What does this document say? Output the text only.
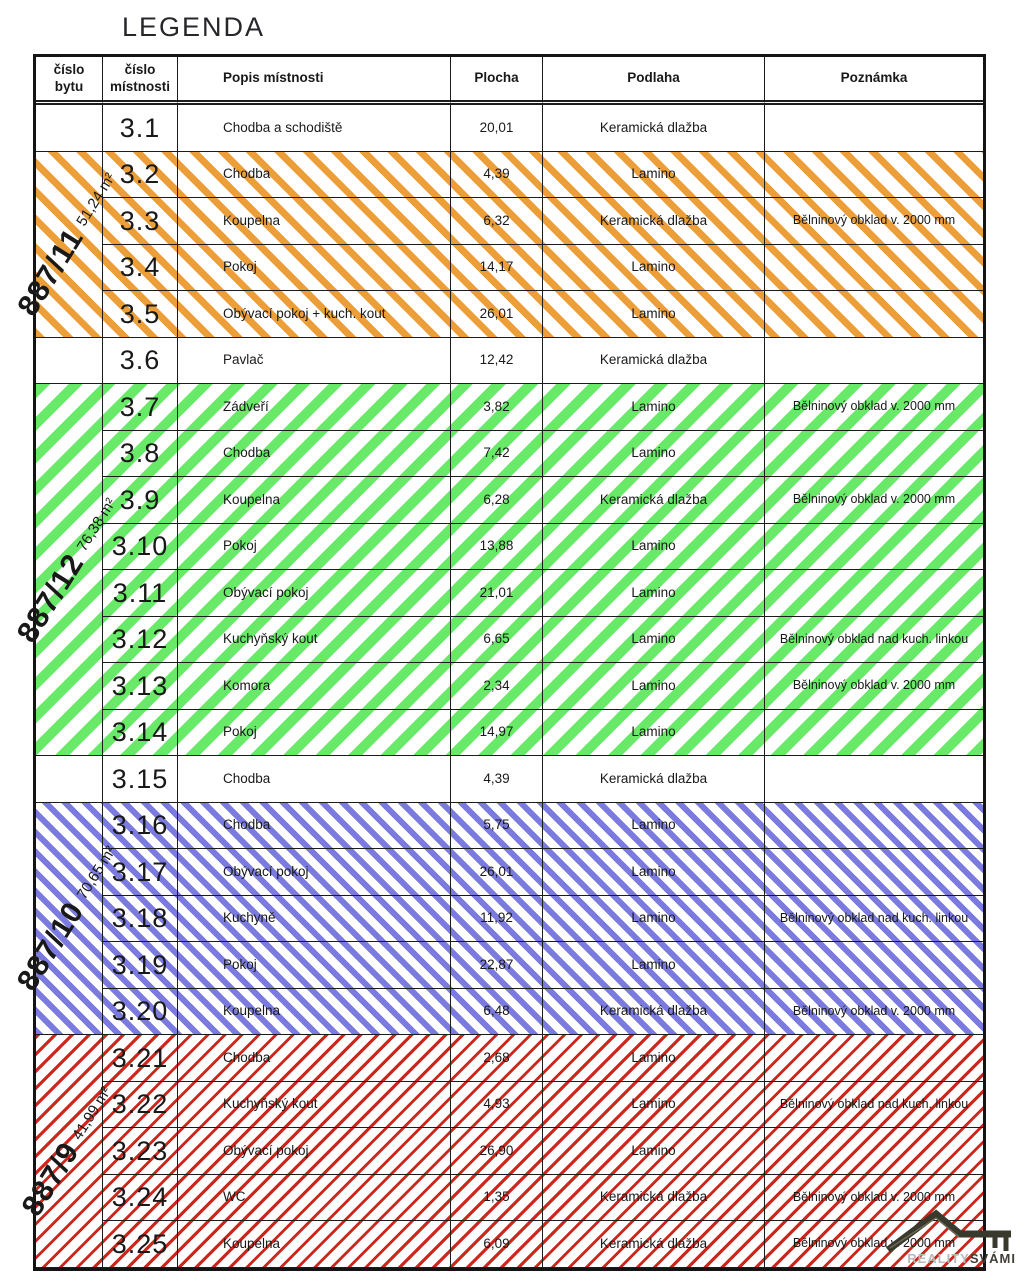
LEGENDA
REALITYSVÁMI
číslo
bytu
číslo
místnosti
Popis místnosti	Plocha	Podlaha	Poznámka
3.1	Chodba a schodiště	20,01	Keramická dlažba
887/11
51,24 m² 3.2	Chodba	4,39	Lamino
3.3	Koupelna	6,32	Keramická dlažba	Bělninový obklad v. 2000 mm
3.4	Pokoj	14,17	Lamino
3.5	Obývací pokoj + kuch. kout	26,01	Lamino
3.6	Pavlač	12,42	Keramická dlažba
887/12
76,38 m²
3.7	Zádveří	3,82	Lamino	Bělninový obklad v. 2000 mm
3.8	Chodba	7,42	Lamino
3.9	Koupelna	6,28	Keramická dlažba	Bělninový obklad v. 2000 mm
3.10	Pokoj	13,88	Lamino
3.11	Obývací pokoj	21,01	Lamino
3.12	Kuchyňský kout	6,65	Lamino	Bělninový obklad nad kuch. linkou
3.13	Komora	2,34	Lamino	Bělninový obklad v. 2000 mm
3.14	Pokoj	14,97	Lamino
3.15	Chodba	4,39	Keramická dlažba
887/10
70,65 m²
3.16	Chodba	5,75	Lamino
3.17	Obývací pokoj	26,01	Lamino
3.18	Kuchyně	11,92	Lamino	Bělninový obklad nad kuch. linkou
3.19	Pokoj	22,87	Lamino
3.20	Koupelna	6,48	Keramická dlažba	Bělninový obklad v. 2000 mm
887/9
41,99 m²
3.21	Chodba	2,68	Lamino
3.22	Kuchyňský kout	4,93	Lamino	Bělninový obklad nad kuch. linkou
3.23	Obývací pokoj	26,90	Lamino
3.24	WC	1,35	Keramická dlažba	Bělninový obklad v. 2000 mm
3.25	Koupelna	6,09	Keramická dlažba	Bělninový obklad v. 2000 mm
